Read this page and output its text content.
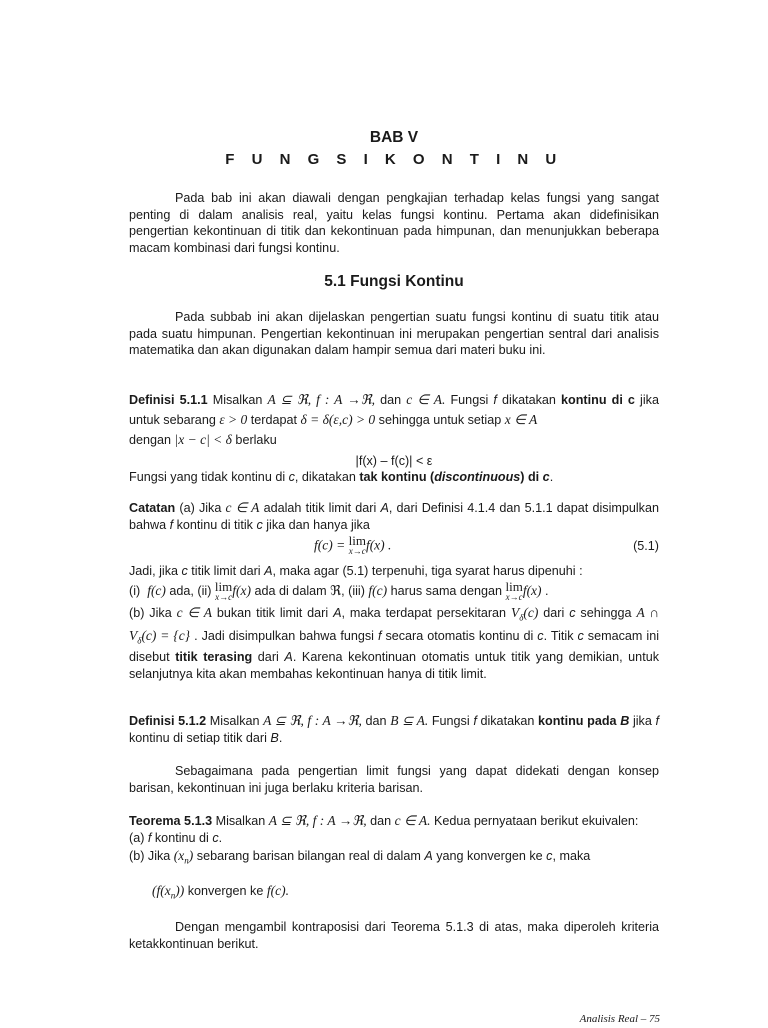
BAB V
F U N G S I K O N T I N U
Pada bab ini akan diawali dengan pengkajian terhadap kelas fungsi yang sangat penting di dalam analisis real, yaitu kelas fungsi kontinu. Pertama akan didefinisikan pengertian kekontinuan di titik dan kekontinuan pada himpunan, dan menunjukkan beberapa macam kombinasi dari fungsi kontinu.
5.1 Fungsi Kontinu
Pada subbab ini akan dijelaskan pengertian suatu fungsi kontinu di suatu titik atau pada suatu himpunan. Pengertian kekontinuan ini merupakan pengertian sentral dari analisis matematika dan akan digunakan dalam hampir semua dari materi buku ini.
Definisi 5.1.1 Misalkan A ⊆ ℜ, f : A →ℜ, dan c ∈ A. Fungsi f dikatakan kontinu di c jika untuk sebarang ε > 0 terdapat δ = δ(ε,c) > 0 sehingga untuk setiap x ∈ A
dengan |x − c| < δ berlaku
|f(x) – f(c)| < ε
Fungsi yang tidak kontinu di c, dikatakan tak kontinu (discontinuous) di c.
Catatan (a) Jika c ∈ A adalah titik limit dari A, dari Definisi 4.1.4 dan 5.1.1 dapat disimpulkan bahwa f kontinu di titik c jika dan hanya jika
f(c) = lim
x→c f(x) .	(5.1)
Jadi, jika c titik limit dari A, maka agar (5.1) terpenuhi, tiga syarat harus dipenuhi :
(i)  f(c) ada, (ii) lim
x→c f(x) ada di dalam ℜ, (iii) f(c) harus sama dengan lim
x→c f(x) .
(b) Jika c ∈ A bukan titik limit dari A, maka terdapat persekitaran $V_\delta(c)$ dari c sehingga A ∩ $V_\delta(c) = \{c\}$ . Jadi disimpulkan bahwa fungsi f secara otomatis kontinu di c. Titik c semacam ini disebut titik terasing dari A. Karena kekontinuan otomatis untuk titik yang demikian, untuk selanjutnya kita akan membahas kekontinuan hanya di titik limit.
Definisi 5.1.2 Misalkan A ⊆ ℜ, f : A →ℜ, dan B ⊆ A. Fungsi f dikatakan kontinu pada B jika f kontinu di setiap titik dari B.
Sebagaimana pada pengertian limit fungsi yang dapat didekati dengan konsep barisan, kekontinuan ini juga berlaku kriteria barisan.
Teorema 5.1.3 Misalkan A ⊆ ℜ, f : A →ℜ, dan c ∈ A. Kedua pernyataan berikut ekuivalen:
(a) f kontinu di c.
(b) Jika $(x_n)$ sebarang barisan bilangan real di dalam A yang konvergen ke c, maka
$(f(x_n))$ konvergen ke f(c).
Dengan mengambil kontraposisi dari Teorema 5.1.3 di atas, maka diperoleh kriteria ketakkontinuan berikut.
Analisis Real – 75
